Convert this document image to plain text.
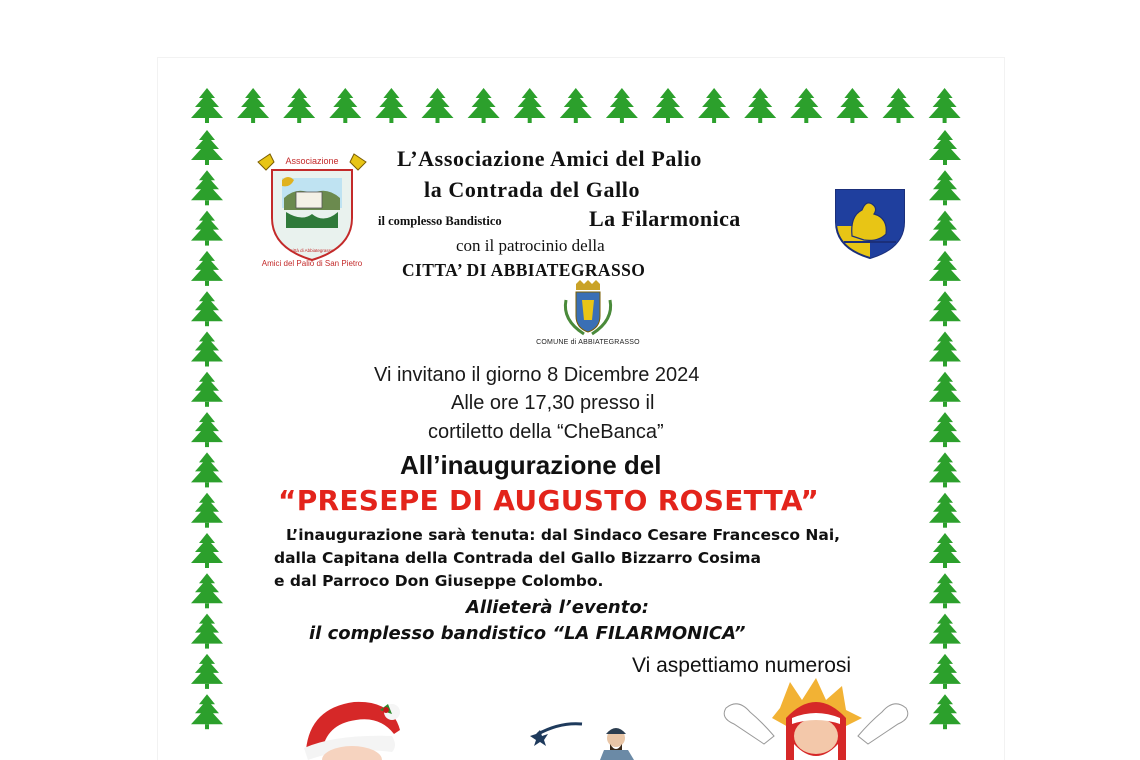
Associazione
Amici del Palio di San Pietro
città di Abbiategrasso
L’Associazione Amici del Palio
la Contrada del Gallo
il complesso Bandistico	La Filarmonica
con il patrocinio della
CITTA’ DI ABBIATEGRASSO
COMUNE di ABBIATEGRASSO
Vi invitano il giorno 8 Dicembre 2024
Alle ore 17,30 presso il
cortiletto della “CheBanca”
All’inaugurazione del
“PRESEPE DI AUGUSTO ROSETTA”
L’inaugurazione sarà tenuta: dal Sindaco Cesare Francesco Nai,
dalla Capitana della Contrada del Gallo Bizzarro Cosima
e dal Parroco Don Giuseppe Colombo.
Allieterà l’evento:
il complesso bandistico “LA FILARMONICA”
Vi aspettiamo numerosi
